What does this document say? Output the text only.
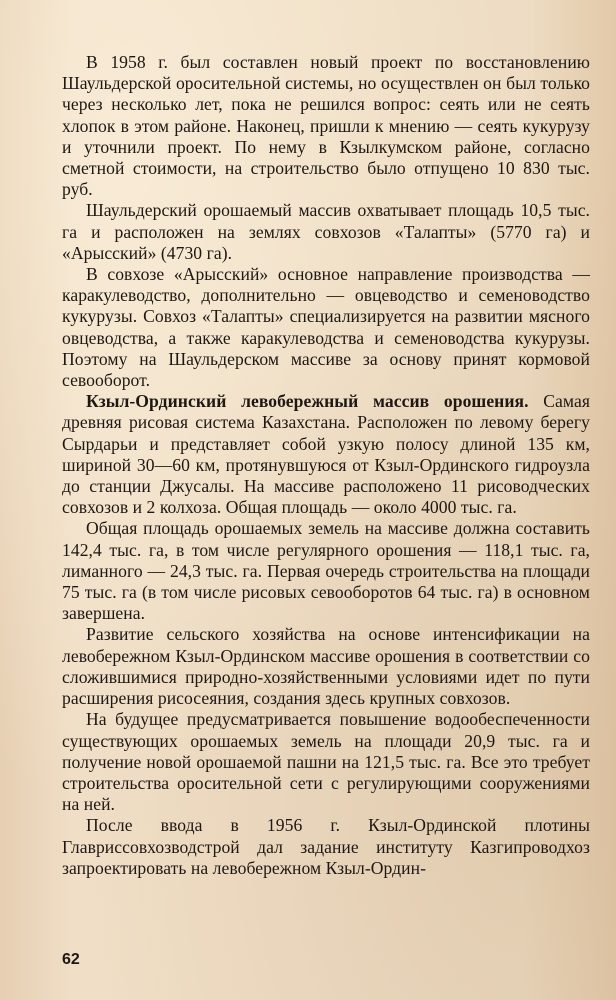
В 1958 г. был составлен новый проект по восстановлению Шаульдерской оросительной системы, но осуществлен он был только через несколько лет, пока не решился вопрос: сеять или не сеять хлопок в этом районе. Наконец, пришли к мнению — сеять кукурузу и уточнили проект. По нему в Кзылкумском районе, согласно сметной стоимости, на строительство было отпущено 10 830 тыс. руб.

Шаульдерский орошаемый массив охватывает площадь 10,5 тыс. га и расположен на землях совхозов «Талапты» (5770 га) и «Арысский» (4730 га).

В совхозе «Арысский» основное направление производства — каракулеводство, дополнительно — овцеводство и семеноводство кукурузы. Совхоз «Талапты» специализируется на развитии мясного овцеводства, а также каракулеводства и семеноводства кукурузы. Поэтому на Шаульдерском массиве за основу принят кормовой севооборот.

Кзыл-Ординский левобережный массив орошения. Самая древняя рисовая система Казахстана. Расположен по левому берегу Сырдарьи и представляет собой узкую полосу длиной 135 км, шириной 30—60 км, протянувшуюся от Кзыл-Ординского гидроузла до станции Джусалы. На массиве расположено 11 рисоводческих совхозов и 2 колхоза. Общая площадь — около 4000 тыс. га.

Общая площадь орошаемых земель на массиве должна составить 142,4 тыс. га, в том числе регулярного орошения — 118,1 тыс. га, лиманного — 24,3 тыс. га. Первая очередь строительства на площади 75 тыс. га (в том числе рисовых севооборотов 64 тыс. га) в основном завершена.

Развитие сельского хозяйства на основе интенсификации на левобережном Кзыл-Ординском массиве орошения в соответствии со сложившимися природно-хозяйственными условиями идет по пути расширения рисосеяния, создания здесь крупных совхозов.

На будущее предусматривается повышение водообеспеченности существующих орошаемых земель на площади 20,9 тыс. га и получение новой орошаемой пашни на 121,5 тыс. га. Все это требует строительства оросительной сети с регулирующими сооружениями на ней.

После ввода в 1956 г. Кзыл-Ординской плотины Главриссовхозводстрой дал задание институту Казгипроводхоз запроектировать на левобережном Кзыл-Ордин-

62
